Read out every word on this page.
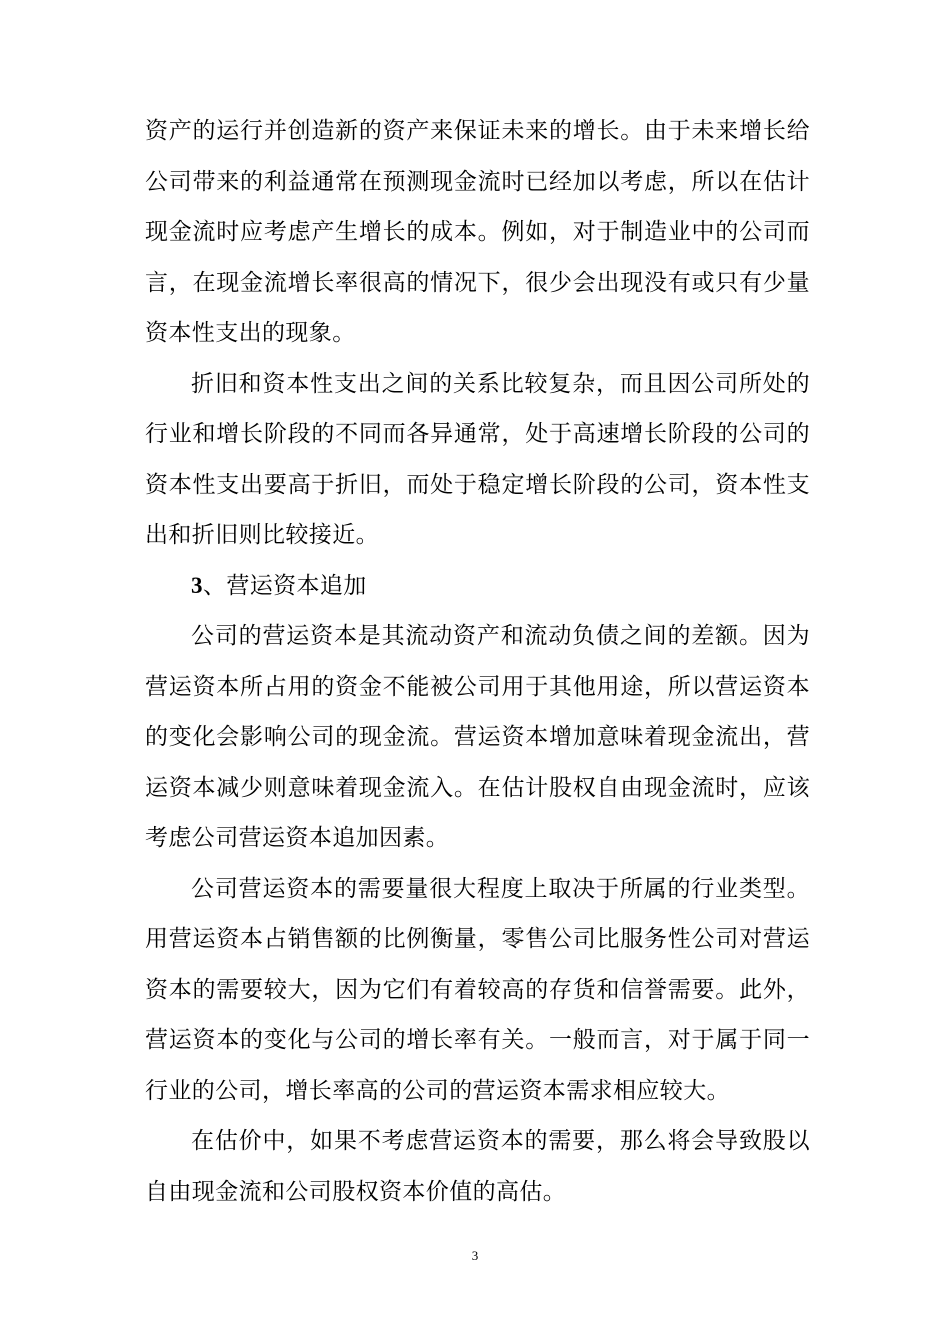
资产的运行并创造新的资产来保证未来的增长。由于未来增长给公司带来的利益通常在预测现金流时已经加以考虑，所以在估计现金流时应考虑产生增长的成本。例如，对于制造业中的公司而言，在现金流增长率很高的情况下，很少会出现没有或只有少量资本性支出的现象。

折旧和资本性支出之间的关系比较复杂，而且因公司所处的行业和增长阶段的不同而各异通常，处于高速增长阶段的公司的资本性支出要高于折旧，而处于稳定增长阶段的公司，资本性支出和折旧则比较接近。

3、营运资本追加

公司的营运资本是其流动资产和流动负债之间的差额。因为营运资本所占用的资金不能被公司用于其他用途，所以营运资本的变化会影响公司的现金流。营运资本增加意味着现金流出，营运资本减少则意味着现金流入。在估计股权自由现金流时，应该考虑公司营运资本追加因素。

公司营运资本的需要量很大程度上取决于所属的行业类型。用营运资本占销售额的比例衡量，零售公司比服务性公司对营运资本的需要较大，因为它们有着较高的存货和信誉需要。此外，营运资本的变化与公司的增长率有关。一般而言，对于属于同一行业的公司，增长率高的公司的营运资本需求相应较大。

在估价中，如果不考虑营运资本的需要，那么将会导致股以自由现金流和公司股权资本价值的高估。

3
